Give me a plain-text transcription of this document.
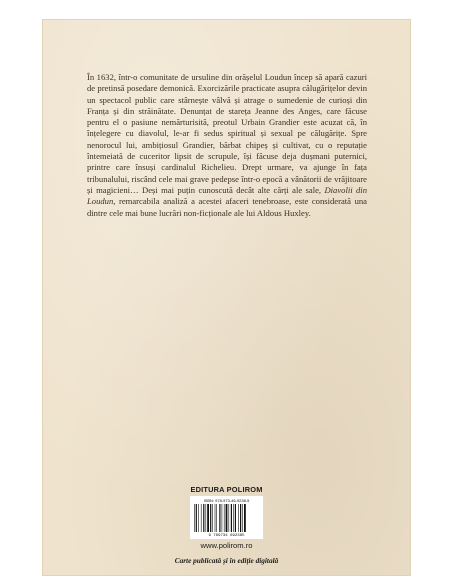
În 1632, într-o comunitate de ursuline din orășelul Loudun încep să apară cazuri de pretinsă posedare demonică. Exorcizările practicate asupra călugărițelor devin un spectacol public care stârnește vâlvă și atrage o sumedenie de curioși din Franța și din străinătate. Denunțat de stareța Jeanne des Anges, care făcuse pentru el o pasiune nemărturisită, preotul Urbain Grandier este acuzat că, în înțelegere cu diavolul, le-ar fi sedus spiritual și sexual pe călugărițe. Spre nenorocul lui, ambițiosul Grandier, bărbat chipeș și cultivat, cu o reputație întemeiată de cuceritor lipsit de scrupule, își făcuse deja dușmani puternici, printre care însuși cardinalul Richelieu. Drept urmare, va ajunge în fața tribunalului, riscând cele mai grave pedepse într-o epocă a vânătorii de vrăjitoare și magicieni… Deși mai puțin cunoscută decât alte cărți ale sale, Diavolii din Loudun, remarcabila analiză a acestei afaceri tenebroase, este considerată una dintre cele mai bune lucrări non-ficționale ale lui Aldous Huxley.

EDITURA POLIROM
ISBN: 978-973-46-9238-5
9 789734 692385
www.polirom.ro
Carte publicată și în ediție digitală
